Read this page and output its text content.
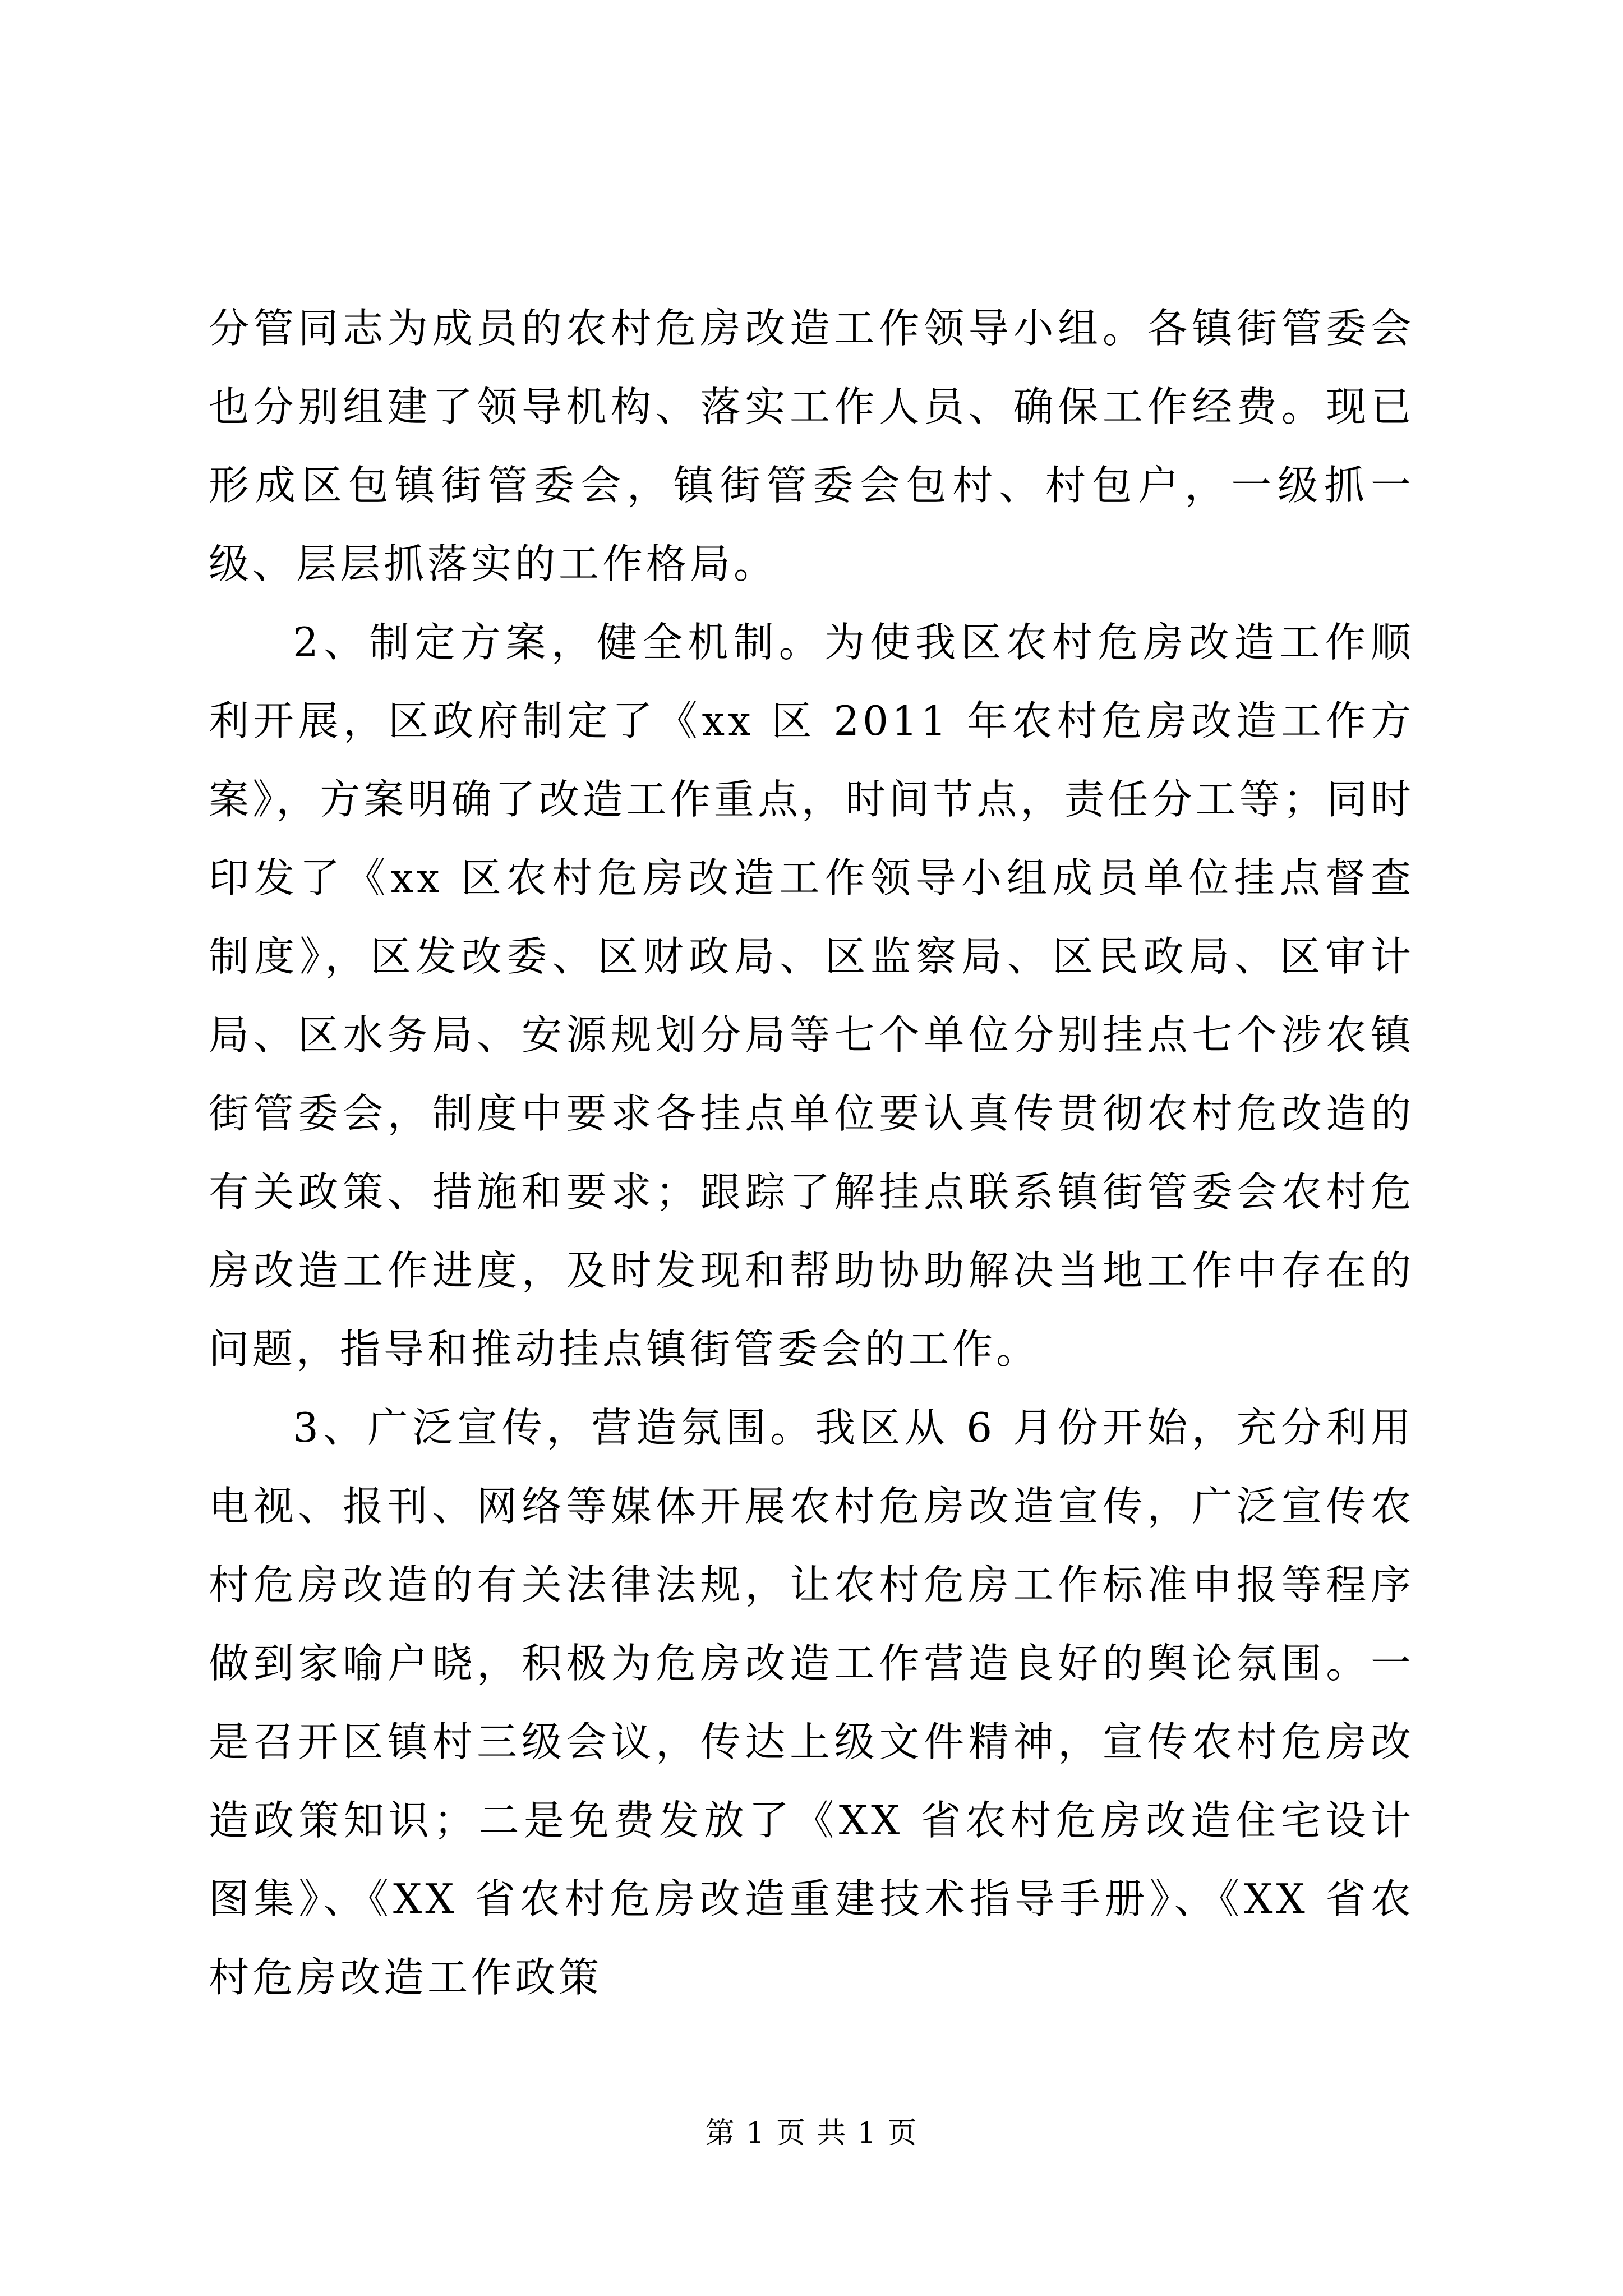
分管同志为成员的农村危房改造工作领导小组。各镇街管委会也分别组建了领导机构、落实工作人员、确保工作经费。现已形成区包镇街管委会，镇街管委会包村、村包户，一级抓一级、层层抓落实的工作格局。

2、制定方案，健全机制。为使我区农村危房改造工作顺利开展，区政府制定了《xx 区 2011 年农村危房改造工作方案》，方案明确了改造工作重点，时间节点，责任分工等；同时印发了《xx 区农村危房改造工作领导小组成员单位挂点督查制度》，区发改委、区财政局、区监察局、区民政局、区审计局、区水务局、安源规划分局等七个单位分别挂点七个涉农镇街管委会，制度中要求各挂点单位要认真传贯彻农村危改造的有关政策、措施和要求；跟踪了解挂点联系镇街管委会农村危房改造工作进度，及时发现和帮助协助解决当地工作中存在的问题，指导和推动挂点镇街管委会的工作。

3、广泛宣传，营造氛围。我区从 6 月份开始，充分利用电视、报刊、网络等媒体开展农村危房改造宣传，广泛宣传农村危房改造的有关法律法规，让农村危房工作标准申报等程序做到家喻户晓，积极为危房改造工作营造良好的舆论氛围。一是召开区镇村三级会议，传达上级文件精神，宣传农村危房改造政策知识；二是免费发放了《XX 省农村危房改造住宅设计图集》、《XX 省农村危房改造重建技术指导手册》、《XX 省农村危房改造工作政策

第 1 页 共 1 页
